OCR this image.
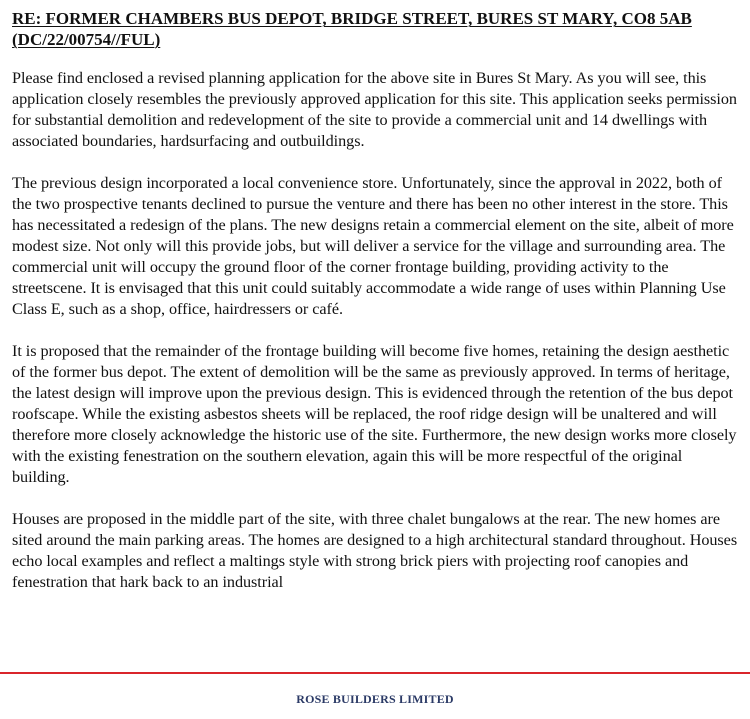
RE: FORMER CHAMBERS BUS DEPOT, BRIDGE STREET, BURES ST MARY, CO8 5AB (DC/22/00754//FUL)

Please find enclosed a revised planning application for the above site in Bures St Mary. As you will see, this application closely resembles the previously approved application for this site. This application seeks permission for substantial demolition and redevelopment of the site to provide a commercial unit and 14 dwellings with associated boundaries, hardsurfacing and outbuildings.

The previous design incorporated a local convenience store. Unfortunately, since the approval in 2022, both of the two prospective tenants declined to pursue the venture and there has been no other interest in the store. This has necessitated a redesign of the plans. The new designs retain a commercial element on the site, albeit of more modest size. Not only will this provide jobs, but will deliver a service for the village and surrounding area. The commercial unit will occupy the ground floor of the corner frontage building, providing activity to the streetscene. It is envisaged that this unit could suitably accommodate a wide range of uses within Planning Use Class E, such as a shop, office, hairdressers or café.

It is proposed that the remainder of the frontage building will become five homes, retaining the design aesthetic of the former bus depot. The extent of demolition will be the same as previously approved. In terms of heritage, the latest design will improve upon the previous design. This is evidenced through the retention of the bus depot roofscape. While the existing asbestos sheets will be replaced, the roof ridge design will be unaltered and will therefore more closely acknowledge the historic use of the site. Furthermore, the new design works more closely with the existing fenestration on the southern elevation, again this will be more respectful of the original building.

Houses are proposed in the middle part of the site, with three chalet bungalows at the rear. The new homes are sited around the main parking areas. The homes are designed to a high architectural standard throughout. Houses echo local examples and reflect a maltings style with strong brick piers with projecting roof canopies and fenestration that hark back to an industrial

ROSE BUILDERS LIMITED
